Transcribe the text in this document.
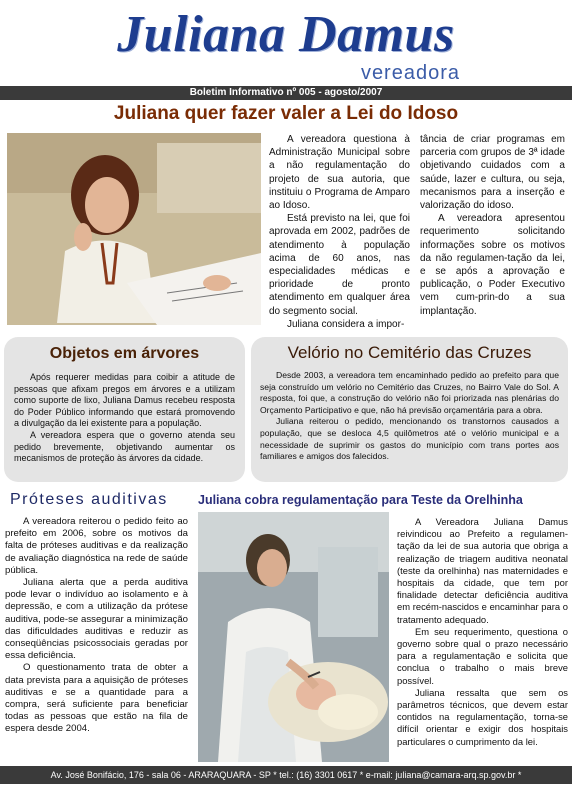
Juliana Damus
vereadora
Boletim Informativo nº 005 - agosto/2007
Juliana quer fazer valer a Lei do Idoso

A vereadora questiona à Administração Municipal sobre a não regulamentação do projeto de sua autoria, que instituiu o Programa de Amparo ao Idoso.

Está previsto na lei, que foi aprovada em 2002, padrões de atendimento à população acima de 60 anos, nas especialidades médicas e prioridade de pronto atendimento em qualquer área do segmento social.

Juliana considera a impor-

tância de criar programas em parceria com grupos de 3ª idade objetivando cuidados com a saúde, lazer e cultura, ou seja, mecanismos para a inserção e valorização do idoso.

A vereadora apresentou requerimento solicitando informações sobre os motivos da não regulamen-tação da lei, e se após a aprovação e publicação, o Poder Executivo vem cum-prin-do a sua implantação.

Objetos em árvores

Após requerer medidas para coibir a atitude de pessoas que afixam pregos em árvores e a utilizam como suporte de lixo, Juliana Damus recebeu resposta do Poder Público informando que estará promovendo a divulgação da lei existente para a população.

A vereadora espera que o governo atenda seu pedido brevemente, objetivando aumentar os mecanismos de proteção às árvores da cidade.

Velório no Cemitério das Cruzes

Desde 2003, a vereadora tem encaminhado pedido ao prefeito para que seja construído um velório no Cemitério das Cruzes, no Bairro Vale do Sol. A resposta, foi que, a construção do velório não foi priorizada nas plenárias do Orçamento Participativo e que, não há previsão orçamentária para a obra.

Juliana reiterou o pedido, mencionando os transtornos causados a população, que se desloca 4,5 quilômetros até o velório municipal e a necessidade de suprimir os gastos do município com trans portes aos familiares e amigos dos falecidos.

Próteses auditivas

A vereadora reiterou o pedido feito ao prefeito em 2006, sobre os motivos da falta de próteses auditivas e da realização de avaliação diagnóstica na rede de saúde pública.

Juliana alerta que a perda auditiva pode levar o indivíduo ao isolamento e à depressão, e com a utilização da prótese auditiva, pode-se assegurar a minimização das dificuldades auditivas e reduzir as conseqüências psicossociais geradas por essa deficiência.

O questionamento trata de obter a data prevista para a aquisição de próteses auditivas e se a quantidade para a compra, será suficiente para beneficiar todas as pessoas que estão na fila de espera desde 2004.

Juliana cobra regulamentação para Teste da Orelhinha

A Vereadora Juliana Damus reivindicou ao Prefeito a regulamen-tação da lei de sua autoria que obriga a realização de triagem auditiva neonatal (teste da orelhinha) nas maternidades e hospitais da cidade, que tem por finalidade detectar deficiência auditiva em recém-nascidos e encaminhar para o tratamento adequado.

Em seu requerimento, questiona o governo sobre qual o prazo necessário para a regulamentação e solicita que conclua o trabalho o mais breve possível.

Juliana ressalta que sem os parâmetros técnicos, que devem estar contidos na regulamentação, torna-se difícil orientar e exigir dos hospitais particulares o cumprimento da lei.

Av. José Bonifácio, 176 - sala 06 - ARARAQUARA - SP * tel.: (16) 3301 0617 * e-mail: juliana@camara-arq.sp.gov.br * www.julianadamus.com.br
